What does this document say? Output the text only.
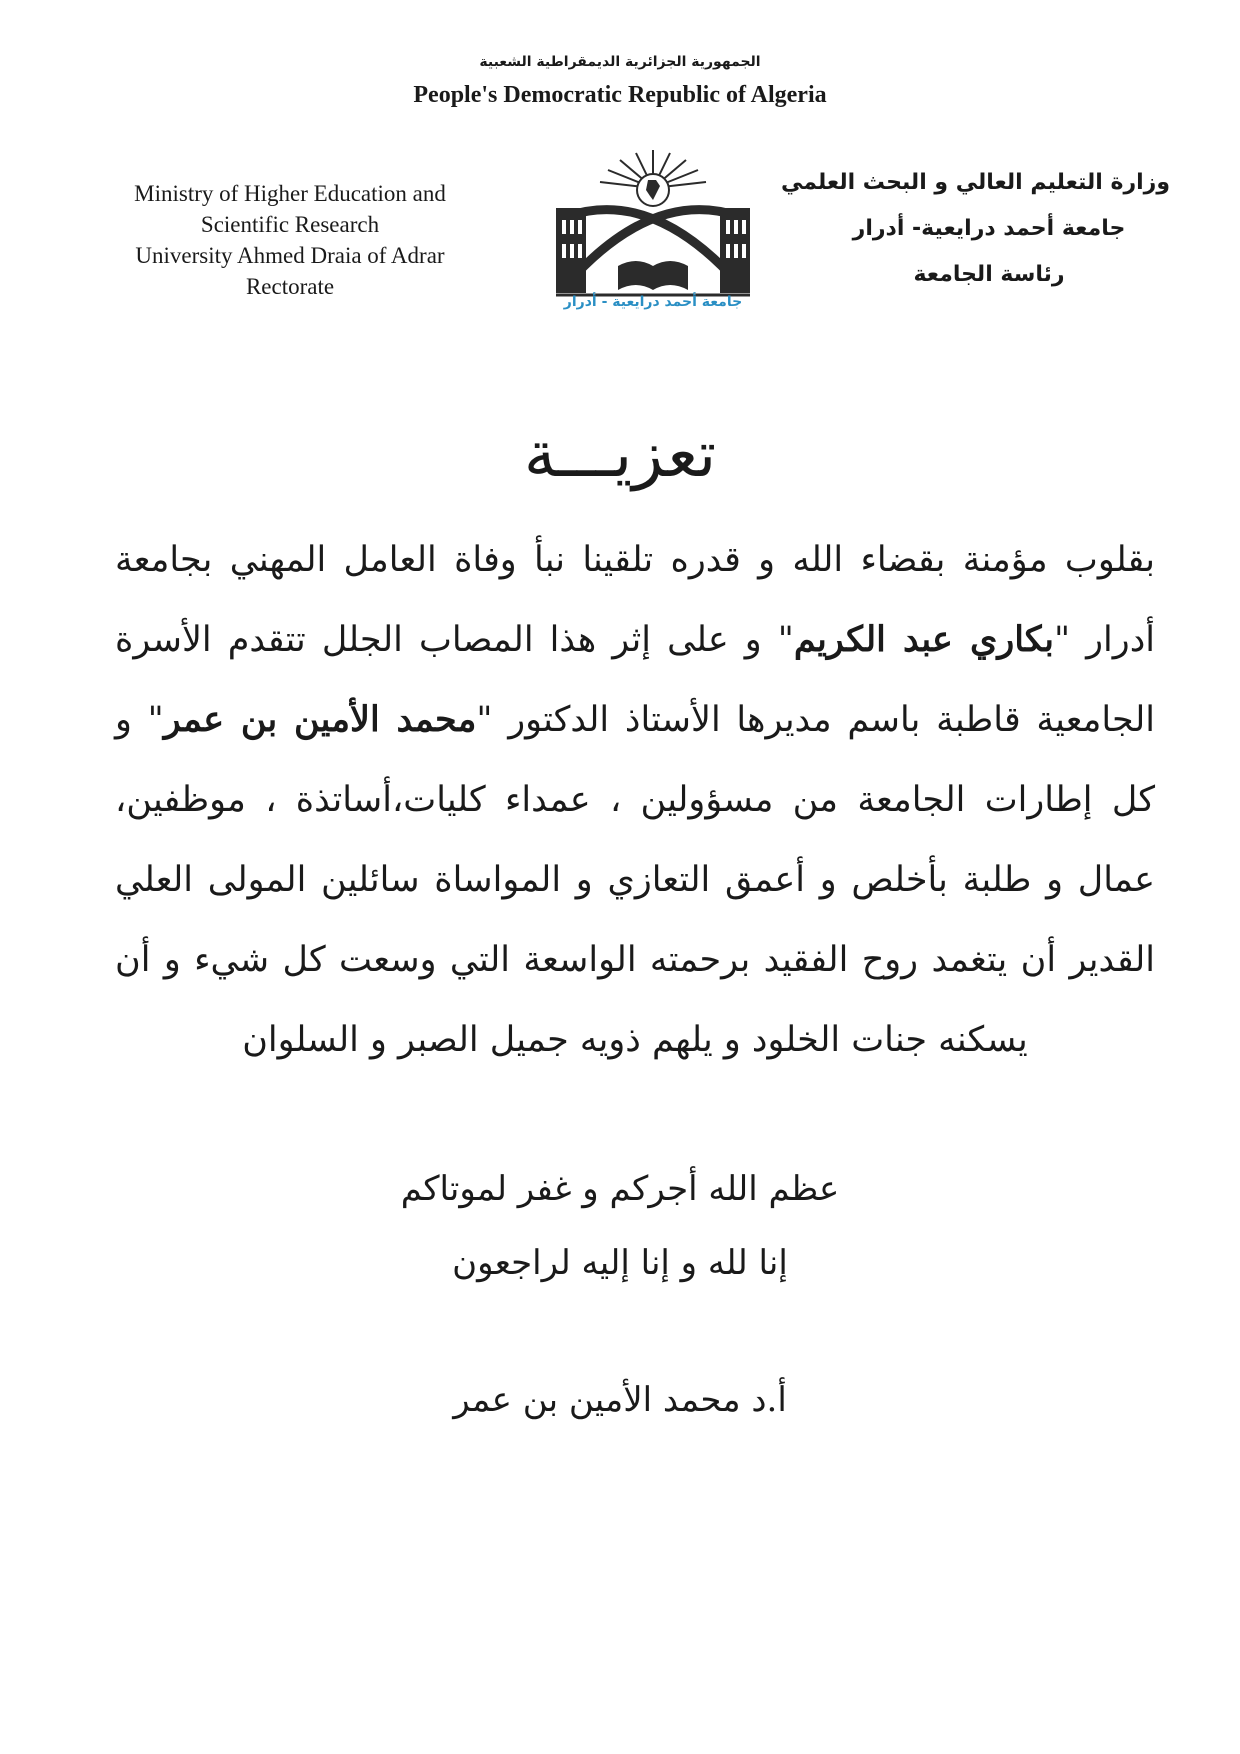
الجمهورية الجزائرية الديمقراطية الشعبية
People's Democratic Republic of Algeria
Ministry of Higher Education and
Scientific Research
University Ahmed Draia of Adrar
Rectorate
جامعة أحمد درايعية - أدرار
وزارة التعليم العالي و البحث العلمي
جامعة أحمد درايعية- أدرار
رئاسة الجامعة
تعزيـــة
بقلوب مؤمنة بقضاء الله و قدره تلقينا نبأ وفاة العامل المهني بجامعة أدرار "بكاري عبد الكريم" و على إثر هذا المصاب الجلل تتقدم الأسرة الجامعية قاطبة باسم مديرها الأستاذ الدكتور "محمد الأمين بن عمر" و كل إطارات الجامعة من مسؤولين ، عمداء كليات،أساتذة ، موظفين، عمال و طلبة بأخلص و أعمق التعازي و المواساة سائلين المولى العلي القدير أن يتغمد روح الفقيد برحمته الواسعة التي وسعت كل شيء و أن يسكنه جنات الخلود و يلهم ذويه جميل الصبر و السلوان
عظم الله أجركم و غفر لموتاكم
إنا لله و إنا إليه لراجعون
أ.د محمد الأمين بن عمر
